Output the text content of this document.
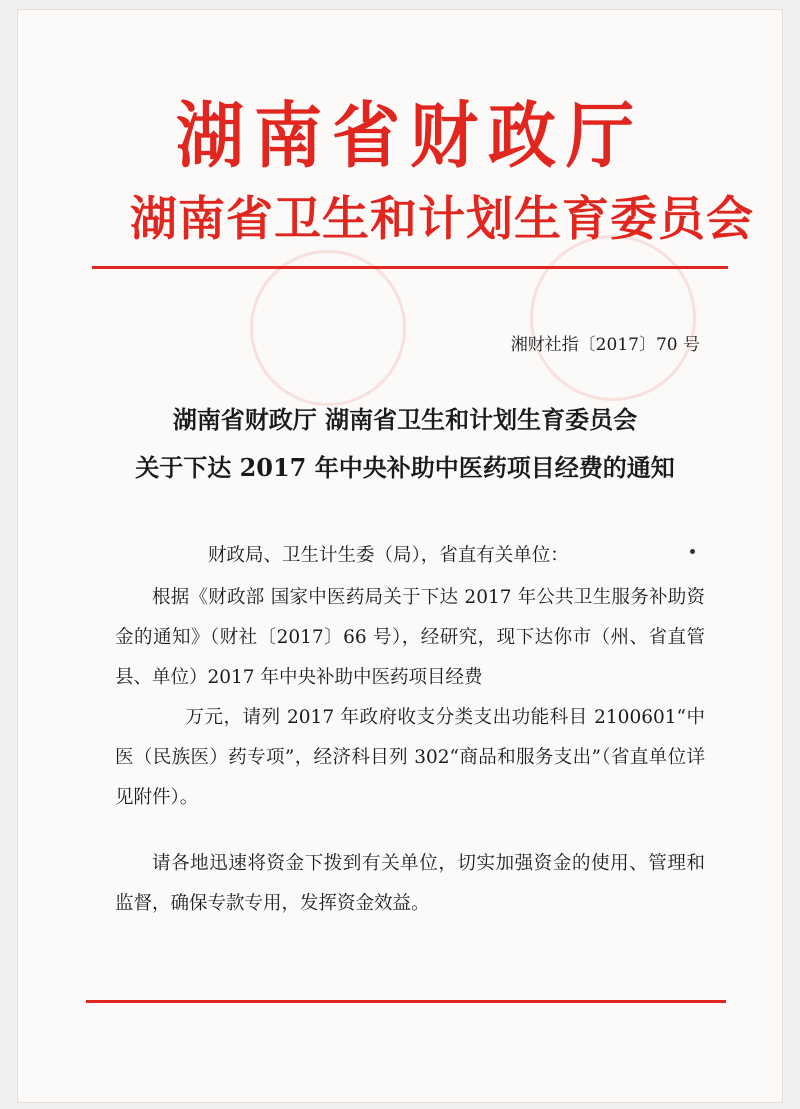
湖南省财政厅
湖南省卫生和计划生育委员会
湘财社指〔2017〕70 号
湖南省财政厅 湖南省卫生和计划生育委员会
关于下达 2017 年中央补助中医药项目经费的通知
财政局、卫生计生委（局），省直有关单位：
根据《财政部 国家中医药局关于下达 2017 年公共卫生服务补助资金的通知》（财社〔2017〕66 号），经研究，现下达你市（州、省直管县、单位）2017 年中央补助中医药项目经费
万元，请列 2017 年政府收支分类支出功能科目 2100601“中医（民族医）药专项”，经济科目列 302“商品和服务支出”（省直单位详见附件）。
请各地迅速将资金下拨到有关单位，切实加强资金的使用、管理和监督，确保专款专用，发挥资金效益。
